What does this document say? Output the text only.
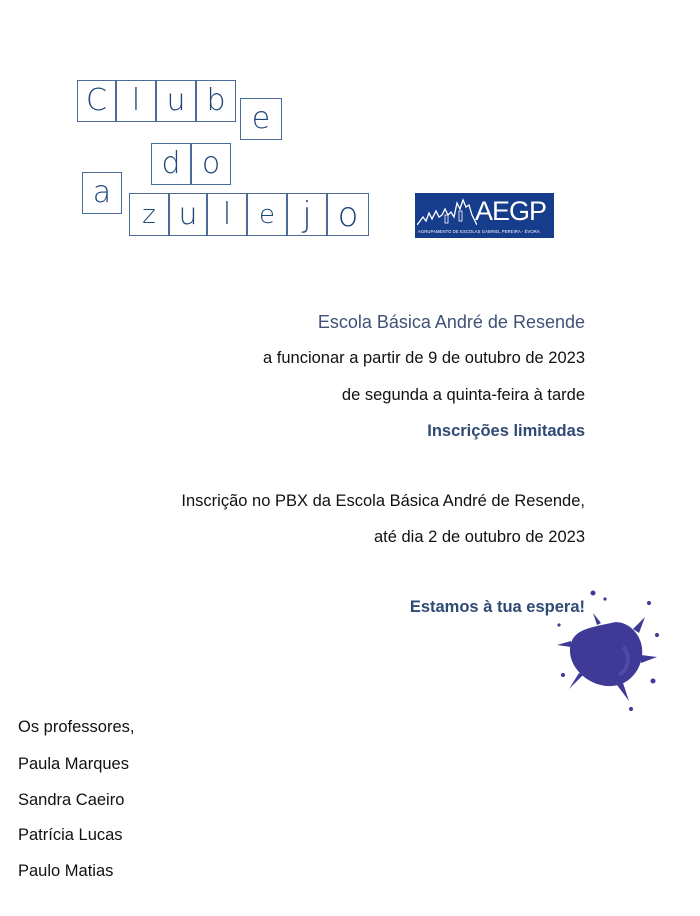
C l u b
e
d o
a
z u l	e j o	AEGP
AGRUPAMENTO DE ESCOLAS GABRIEL PEREIRA - ÉVORA
Escola Básica André de Resende
a funcionar a partir de 9 de outubro de 2023
de segunda a quinta-feira à tarde
Inscrições limitadas
Inscrição no PBX da Escola Básica André de Resende,
até dia 2 de outubro de 2023
Estamos à tua espera!
Os professores,
Paula Marques
Sandra Caeiro
Patrícia Lucas
Paulo Matias
